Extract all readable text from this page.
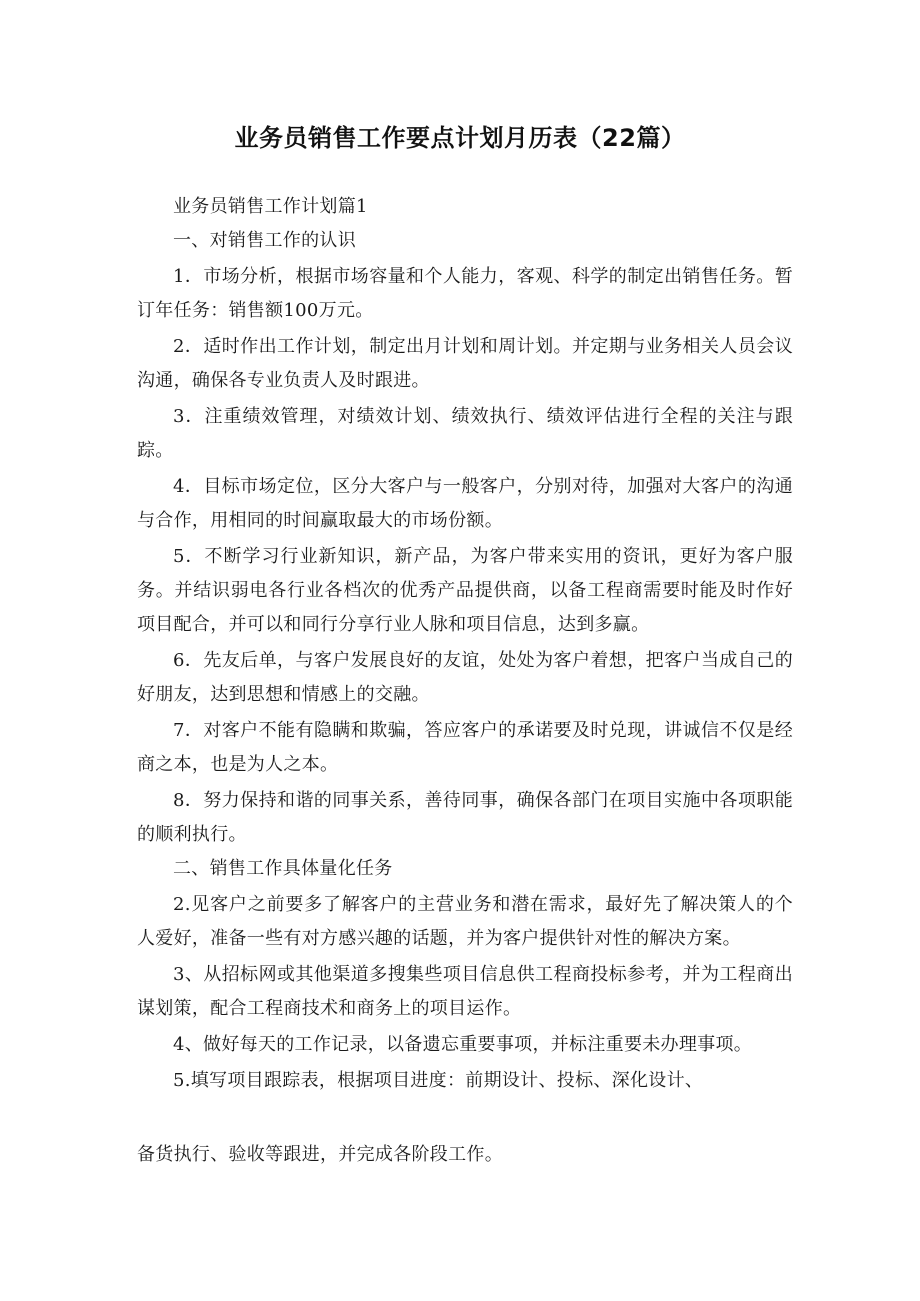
业务员销售工作要点计划月历表（22篇）

业务员销售工作计划篇1

一、对销售工作的认识

1．市场分析，根据市场容量和个人能力，客观、科学的制定出销售任务。暂订年任务：销售额100万元。

2．适时作出工作计划，制定出月计划和周计划。并定期与业务相关人员会议沟通，确保各专业负责人及时跟进。

3．注重绩效管理，对绩效计划、绩效执行、绩效评估进行全程的关注与跟踪。

4．目标市场定位，区分大客户与一般客户，分别对待，加强对大客户的沟通与合作，用相同的时间赢取最大的市场份额。

5．不断学习行业新知识，新产品，为客户带来实用的资讯，更好为客户服务。并结识弱电各行业各档次的优秀产品提供商，以备工程商需要时能及时作好项目配合，并可以和同行分享行业人脉和项目信息，达到多赢。

6．先友后单，与客户发展良好的友谊，处处为客户着想，把客户当成自己的好朋友，达到思想和情感上的交融。

7．对客户不能有隐瞒和欺骗，答应客户的承诺要及时兑现，讲诚信不仅是经商之本，也是为人之本。

8．努力保持和谐的同事关系，善待同事，确保各部门在项目实施中各项职能的顺利执行。

二、销售工作具体量化任务

2.见客户之前要多了解客户的主营业务和潜在需求，最好先了解决策人的个人爱好，准备一些有对方感兴趣的话题，并为客户提供针对性的解决方案。

3、从招标网或其他渠道多搜集些项目信息供工程商投标参考，并为工程商出谋划策，配合工程商技术和商务上的项目运作。

4、做好每天的工作记录，以备遗忘重要事项，并标注重要未办理事项。

5.填写项目跟踪表，根据项目进度：前期设计、投标、深化设计、

备货执行、验收等跟进，并完成各阶段工作。
